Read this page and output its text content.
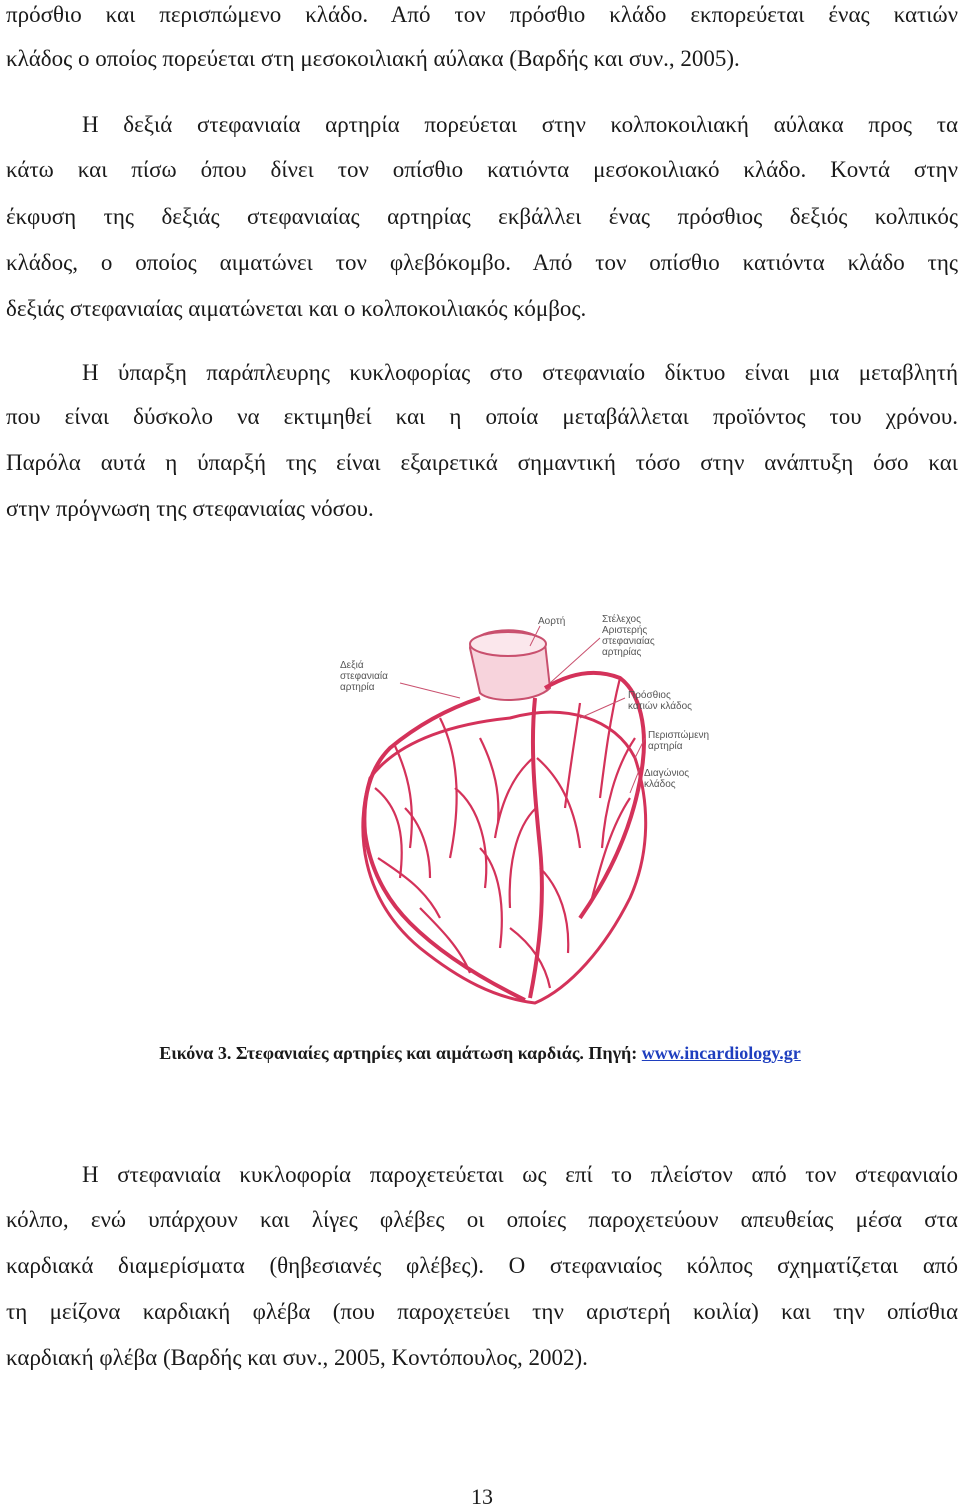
πρόσθιο και περισπώμενο κλάδο. Από τον πρόσθιο κλάδο εκπορεύεται ένας κατιών

κλάδος ο οποίος πορεύεται στη μεσοκοιλιακή αύλακα (Βαρδής και συν., 2005).

Η δεξιά στεφανιαία αρτηρία πορεύεται στην κολποκοιλιακή αύλακα προς τα

κάτω και πίσω όπου δίνει τον οπίσθιο κατιόντα μεσοκοιλιακό κλάδο. Κοντά στην

έκφυση της δεξιάς στεφανιαίας αρτηρίας εκβάλλει ένας πρόσθιος δεξιός κολπικός

κλάδος, ο οποίος αιματώνει τον φλεβόκομβο. Από τον οπίσθιο κατιόντα κλάδο της

δεξιάς στεφανιαίας αιματώνεται και ο κολποκοιλιακός κόμβος.

Η ύπαρξη παράπλευρης κυκλοφορίας στο στεφανιαίο δίκτυο είναι μια μεταβλητή

που είναι δύσκολο να εκτιμηθεί και η οποία μεταβάλλεται προϊόντος του χρόνου.

Παρόλα αυτά η ύπαρξή της είναι εξαιρετικά σημαντική τόσο στην ανάπτυξη όσο και

στην πρόγνωση της στεφανιαίας νόσου.

Δεξιά στεφανιαία αρτηρία
Αορτή	Στέλεχος Αριστερής στεφανιαίας αρτηρίας
Πρόσθιος κατιών κλάδος
Περισπώμενη αρτηρία
Διαγώνιος κλάδος

Εικόνα 3. Στεφανιαίες αρτηρίες και αιμάτωση καρδιάς. Πηγή: www.incardiology.gr

Η στεφανιαία κυκλοφορία παροχετεύεται ως επί το πλείστον από τον στεφανιαίο

κόλπο, ενώ υπάρχουν και λίγες φλέβες οι οποίες παροχετεύουν απευθείας μέσα στα

καρδιακά διαμερίσματα (θηβεσιανές φλέβες). Ο στεφανιαίος κόλπος σχηματίζεται από

τη μείζονα καρδιακή φλέβα (που παροχετεύει την αριστερή κοιλία) και την οπίσθια

καρδιακή φλέβα (Βαρδής και συν., 2005, Κοντόπουλος, 2002).

13
